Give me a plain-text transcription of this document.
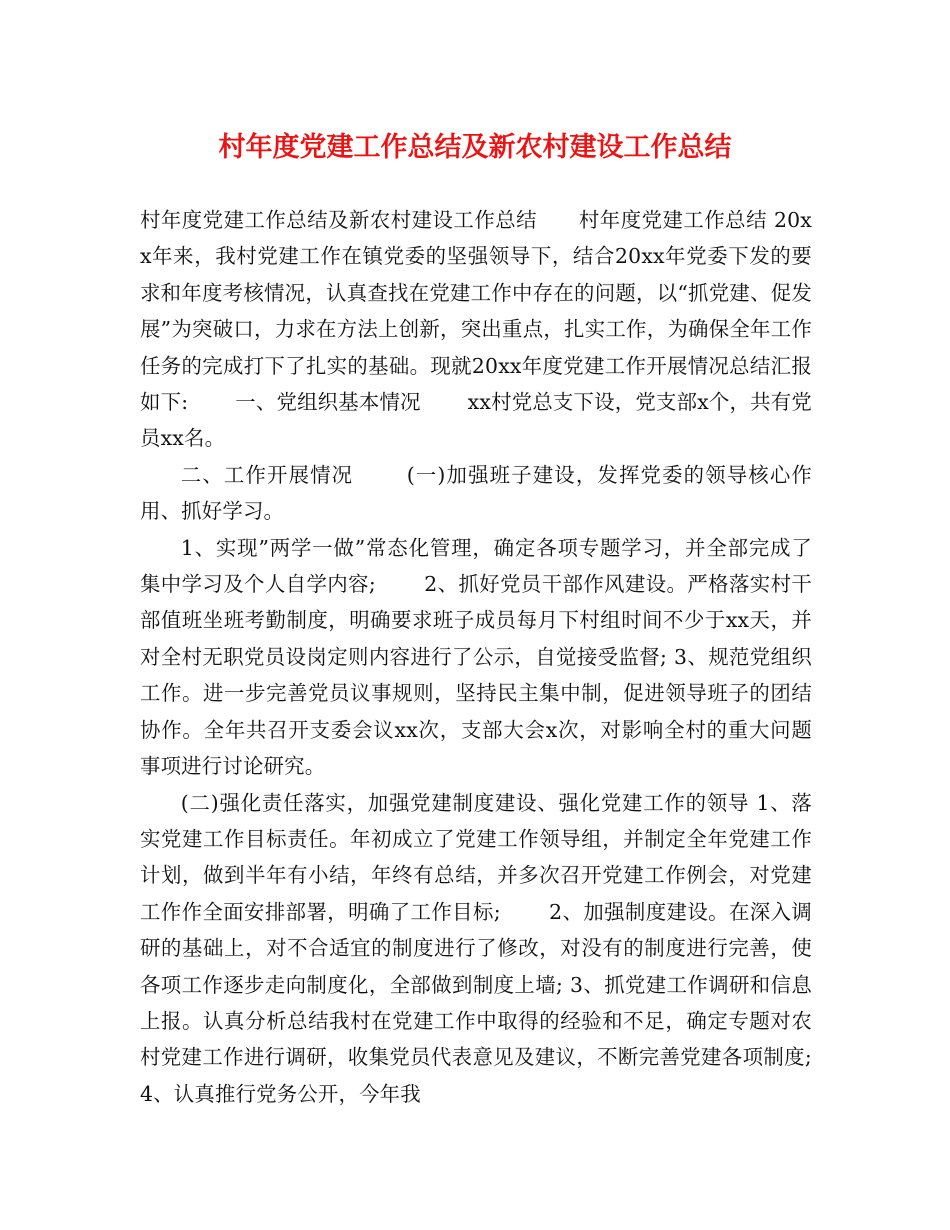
村年度党建工作总结及新农村建设工作总结

村年度党建工作总结及新农村建设工作总结      村年度党建工作总结 20xx年来，我村党建工作在镇党委的坚强领导下，结合20xx年党委下发的要求和年度考核情况，认真查找在党建工作中存在的问题，以“抓党建、促发展”为突破口，力求在方法上创新，突出重点，扎实工作，为确保全年工作任务的完成打下了扎实的基础。现就20xx年度党建工作开展情况总结汇报如下:       一、党组织基本情况       xx村党总支下设，党支部x个，共有党员xx名。

二、工作开展情况       (一)加强班子建设，发挥党委的领导核心作用、抓好学习。

1、实现”两学一做”常态化管理，确定各项专题学习，并全部完成了集中学习及个人自学内容;       2、抓好党员干部作风建设。严格落实村干部值班坐班考勤制度，明确要求班子成员每月下村组时间不少于xx天，并对全村无职党员设岗定则内容进行了公示，自觉接受监督; 3、规范党组织工作。进一步完善党员议事规则，坚持民主集中制，促进领导班子的团结协作。全年共召开支委会议xx次，支部大会x次，对影响全村的重大问题事项进行讨论研究。

(二)强化责任落实，加强党建制度建设、强化党建工作的领导 1、落实党建工作目标责任。年初成立了党建工作领导组，并制定全年党建工作计划，做到半年有小结，年终有总结，并多次召开党建工作例会，对党建工作作全面安排部署，明确了工作目标;       2、加强制度建设。在深入调研的基础上，对不合适宜的制度进行了修改，对没有的制度进行完善，使各项工作逐步走向制度化，全部做到制度上墙; 3、抓党建工作调研和信息上报。认真分析总结我村在党建工作中取得的经验和不足，确定专题对农村党建工作进行调研，收集党员代表意见及建议，不断完善党建各项制度;       4、认真推行党务公开，今年我
